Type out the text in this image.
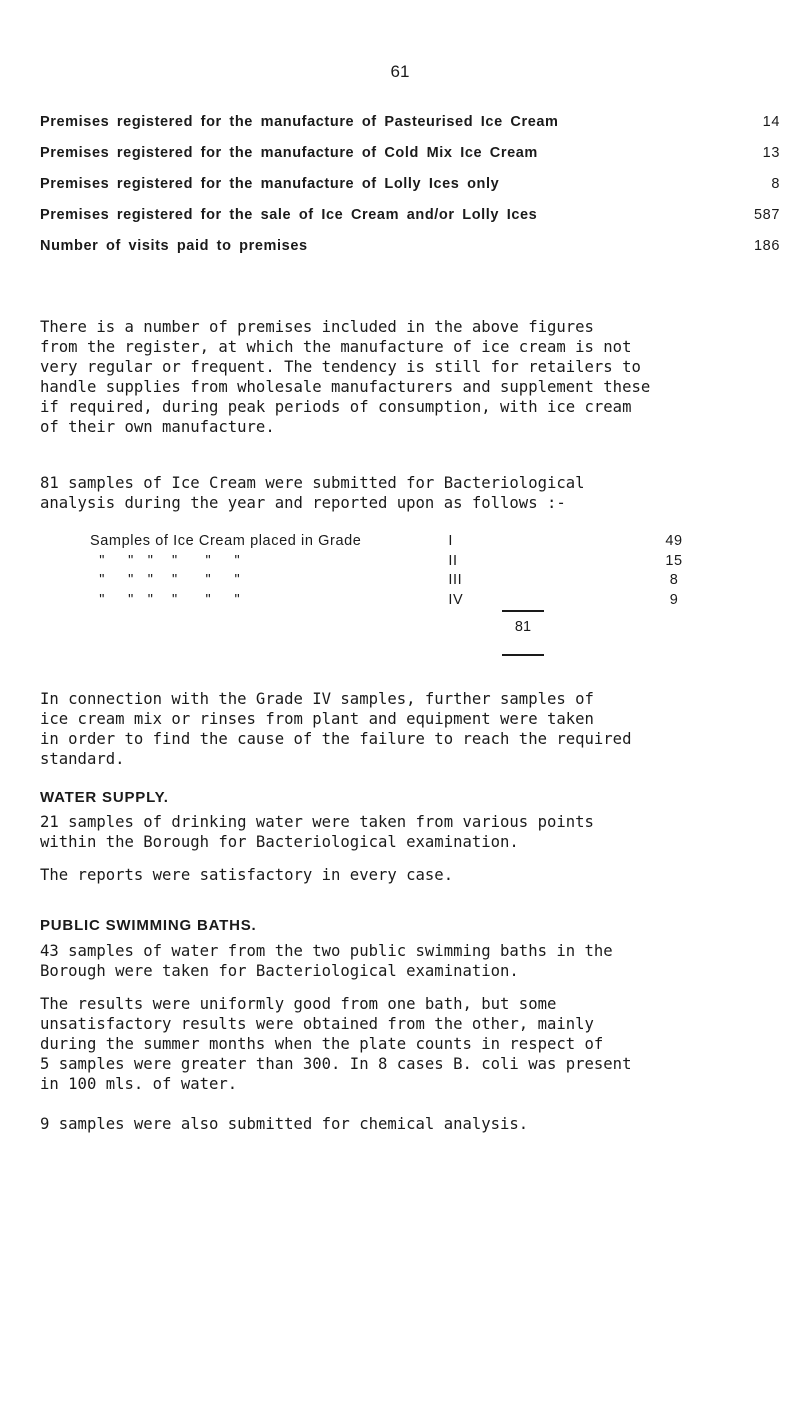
61
Premises registered for the manufacture of Pasteurised Ice Cream	14
Premises registered for the manufacture of Cold Mix Ice Cream	13
Premises registered for the manufacture of Lolly Ices only	8
Premises registered for the sale of Ice Cream and/or Lolly Ices	587
Number of visits paid to premises	186

There is a number of premises included in the above figures
from the register, at which the manufacture of ice cream is not
very regular or frequent. The tendency is still for retailers to
handle supplies from wholesale manufacturers and supplement these
if required, during peak periods of consumption, with ice cream
of their own manufacture.

81 samples of Ice Cream were submitted for Bacteriological
analysis during the year and reported upon as follows :-

Samples of Ice Cream placed in Grade	I	49
"     "   "    "      "     "	II	15
"     "   "    "      "     "	III	8
"     "   "    "      "     "	IV	9
81

In connection with the Grade IV samples, further samples of
ice cream mix or rinses from plant and equipment were taken
in order to find the cause of the failure to reach the required
standard.

WATER SUPPLY.

21 samples of drinking water were taken from various points
within the Borough for Bacteriological examination.

The reports were satisfactory in every case.

PUBLIC SWIMMING BATHS.

43 samples of water from the two public swimming baths in the
Borough were taken for Bacteriological examination.

The results were uniformly good from one bath, but some
unsatisfactory results were obtained from the other, mainly
during the summer months when the plate counts in respect of
5 samples were greater than 300. In 8 cases B. coli was present
in 100 mls. of water.

9 samples were also submitted for chemical analysis.
